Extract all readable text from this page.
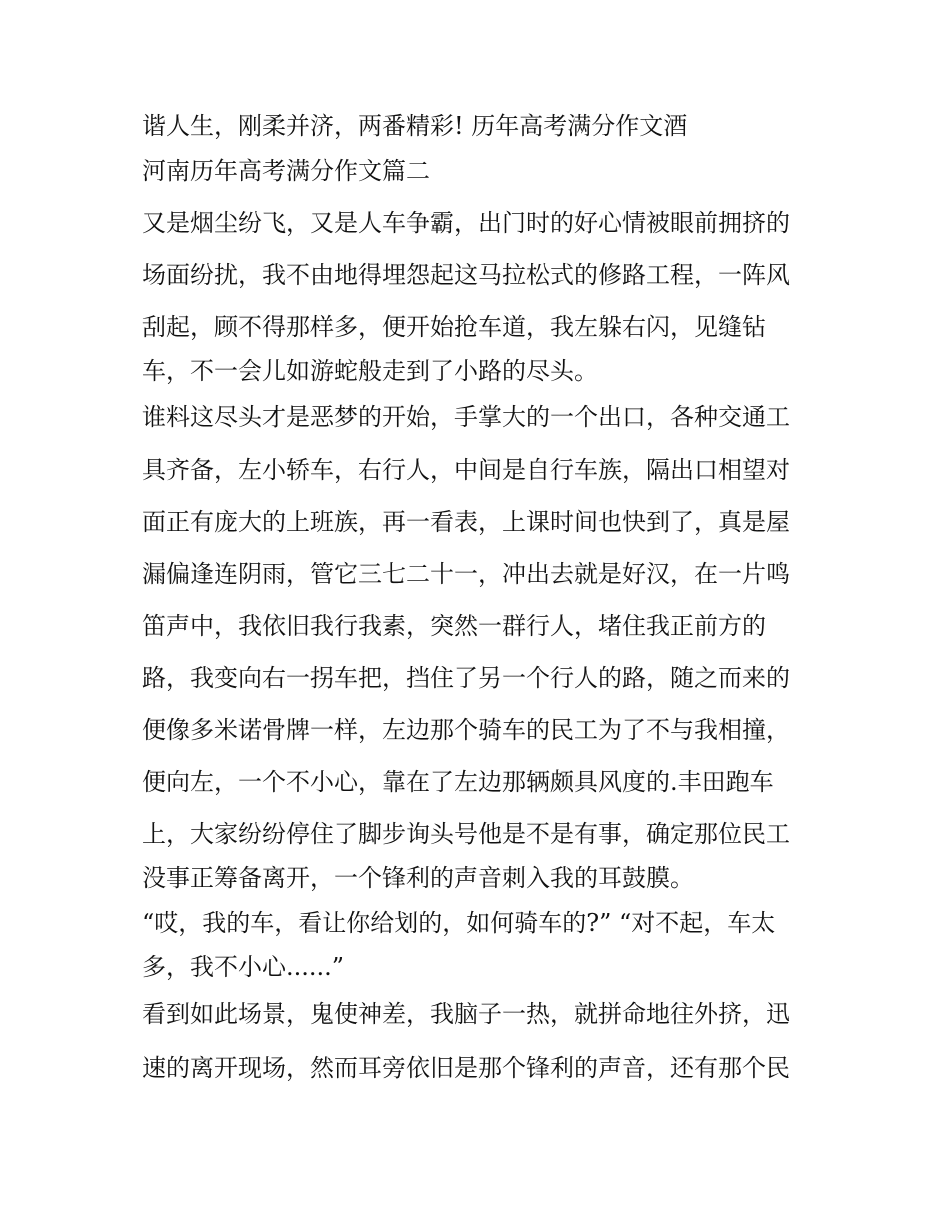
谐人生，刚柔并济，两番精彩! 历年高考满分作文酒
河南历年高考满分作文篇二
又是烟尘纷飞，又是人车争霸，出门时的好心情被眼前拥挤的
场面纷扰，我不由地得埋怨起这马拉松式的修路工程，一阵风
刮起，顾不得那样多，便开始抢车道，我左躲右闪，见缝钻
车，不一会儿如游蛇般走到了小路的尽头。
谁料这尽头才是恶梦的开始，手掌大的一个出口，各种交通工
具齐备，左小轿车，右行人，中间是自行车族，隔出口相望对
面正有庞大的上班族，再一看表，上课时间也快到了，真是屋
漏偏逢连阴雨，管它三七二十一，冲出去就是好汉，在一片鸣
笛声中，我依旧我行我素，突然一群行人，堵住我正前方的
路，我变向右一拐车把，挡住了另一个行人的路，随之而来的
便像多米诺骨牌一样，左边那个骑车的民工为了不与我相撞，
便向左，一个不小心，靠在了左边那辆颇具风度的.丰田跑车
上，大家纷纷停住了脚步询头号他是不是有事，确定那位民工
没事正筹备离开，一个锋利的声音刺入我的耳鼓膜。
“哎，我的车，看让你给划的，如何骑车的?” “对不起，车太
多，我不小心......”
看到如此场景，鬼使神差，我脑子一热，就拼命地往外挤，迅
速的离开现场，然而耳旁依旧是那个锋利的声音，还有那个民
